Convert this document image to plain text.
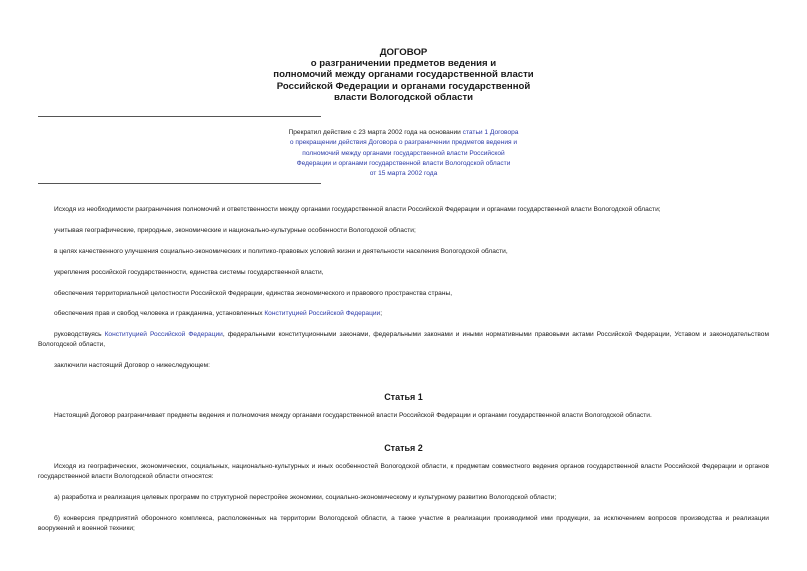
ДОГОВОР
о разграничении предметов ведения и
полномочий между органами государственной власти
Российской Федерации и органами государственной
власти Вологодской области
Прекратил действие с 23 марта 2002 года на основании статьи 1 Договора
о прекращении действия Договора о разграничении предметов ведения и
полномочий между органами государственной власти Российской
Федерации и органами государственной власти Вологодской области
от 15 марта 2002 года
Исходя из необходимости разграничения полномочий и ответственности между органами государственной власти Российской Федерации и органами государственной власти Вологодской области;
учитывая географические, природные, экономические и национально-культурные особенности Вологодской области;
в целях качественного улучшения социально-экономических и политико-правовых условий жизни и деятельности населения Вологодской области,
укрепления российской государственности, единства системы государственной власти,
обеспечения территориальной целостности Российской Федерации, единства экономического и правового пространства страны,
обеспечения прав и свобод человека и гражданина, установленных Конституцией Российской Федерации;
руководствуясь Конституцией Российской Федерации, федеральными конституционными законами, федеральными законами и иными нормативными правовыми актами Российской Федерации, Уставом и законодательством Вологодской области,
заключили настоящий Договор о нижеследующем:
Статья 1
Настоящий Договор разграничивает предметы ведения и полномочия между органами государственной власти Российской Федерации и органами государственной власти Вологодской области.
Статья 2
Исходя из географических, экономических, социальных, национально-культурных и иных особенностей Вологодской области, к предметам совместного ведения органов государственной власти Российской Федерации и органов государственной власти Вологодской области относятся:
а) разработка и реализация целевых программ по структурной перестройке экономики, социально-экономическому и культурному развитию Вологодской области;
б) конверсия предприятий оборонного комплекса, расположенных на территории Вологодской области, а также участие в реализации производимой ими продукции, за исключением вопросов производства и реализации вооружений и военной техники;
